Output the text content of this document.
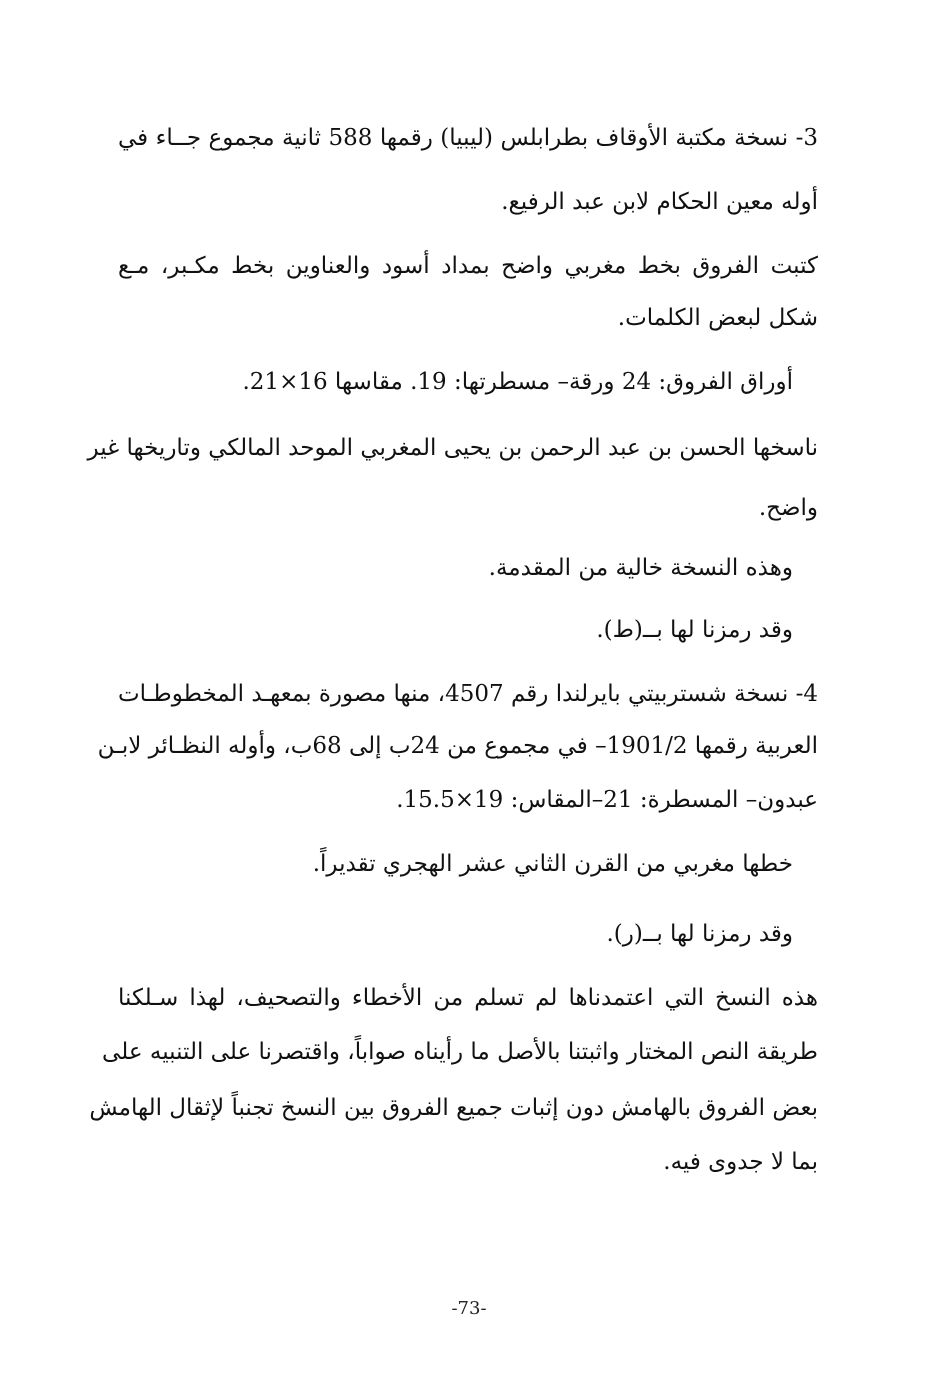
3- نسخة مكتبة الأوقاف بطرابلس (ليبيا) رقمها 588 ثانية مجموع جــاء في
أوله معين الحكام لابن عبد الرفيع.
كتبت الفروق بخط مغربي واضح بمداد أسود والعناوين بخط مكـبر، مـع
شكل لبعض الكلمات.
أوراق الفروق: 24 ورقة– مسطرتها: 19. مقاسها 16×21.
ناسخها الحسن بن عبد الرحمن بن يحيى المغربي الموحد المالكي وتاريخها غير
واضح.
وهذه النسخة خالية من المقدمة.
وقد رمزنا لها بــ(ط).
4- نسخة شستربيتي بايرلندا رقم 4507، منها مصورة بمعهـد المخطوطـات
العربية رقمها 1901/2– في مجموع من 24ب إلى 68ب، وأوله النظـائر لابـن
عبدون– المسطرة: 21–المقاس: 19×15.5.
خطها مغربي من القرن الثاني عشر الهجري تقديراً.
وقد رمزنا لها بــ(ر).
هذه النسخ التي اعتمدناها لم تسلم من الأخطاء والتصحيف، لهذا سـلكنا
طريقة النص المختار واثبتنا بالأصل ما رأيناه صواباً، واقتصرنا على التنبيه على
بعض الفروق بالهامش دون إثبات جميع الفروق بين النسخ تجنباً لإثقال الهامش
بما لا جدوى فيه.
-73-
